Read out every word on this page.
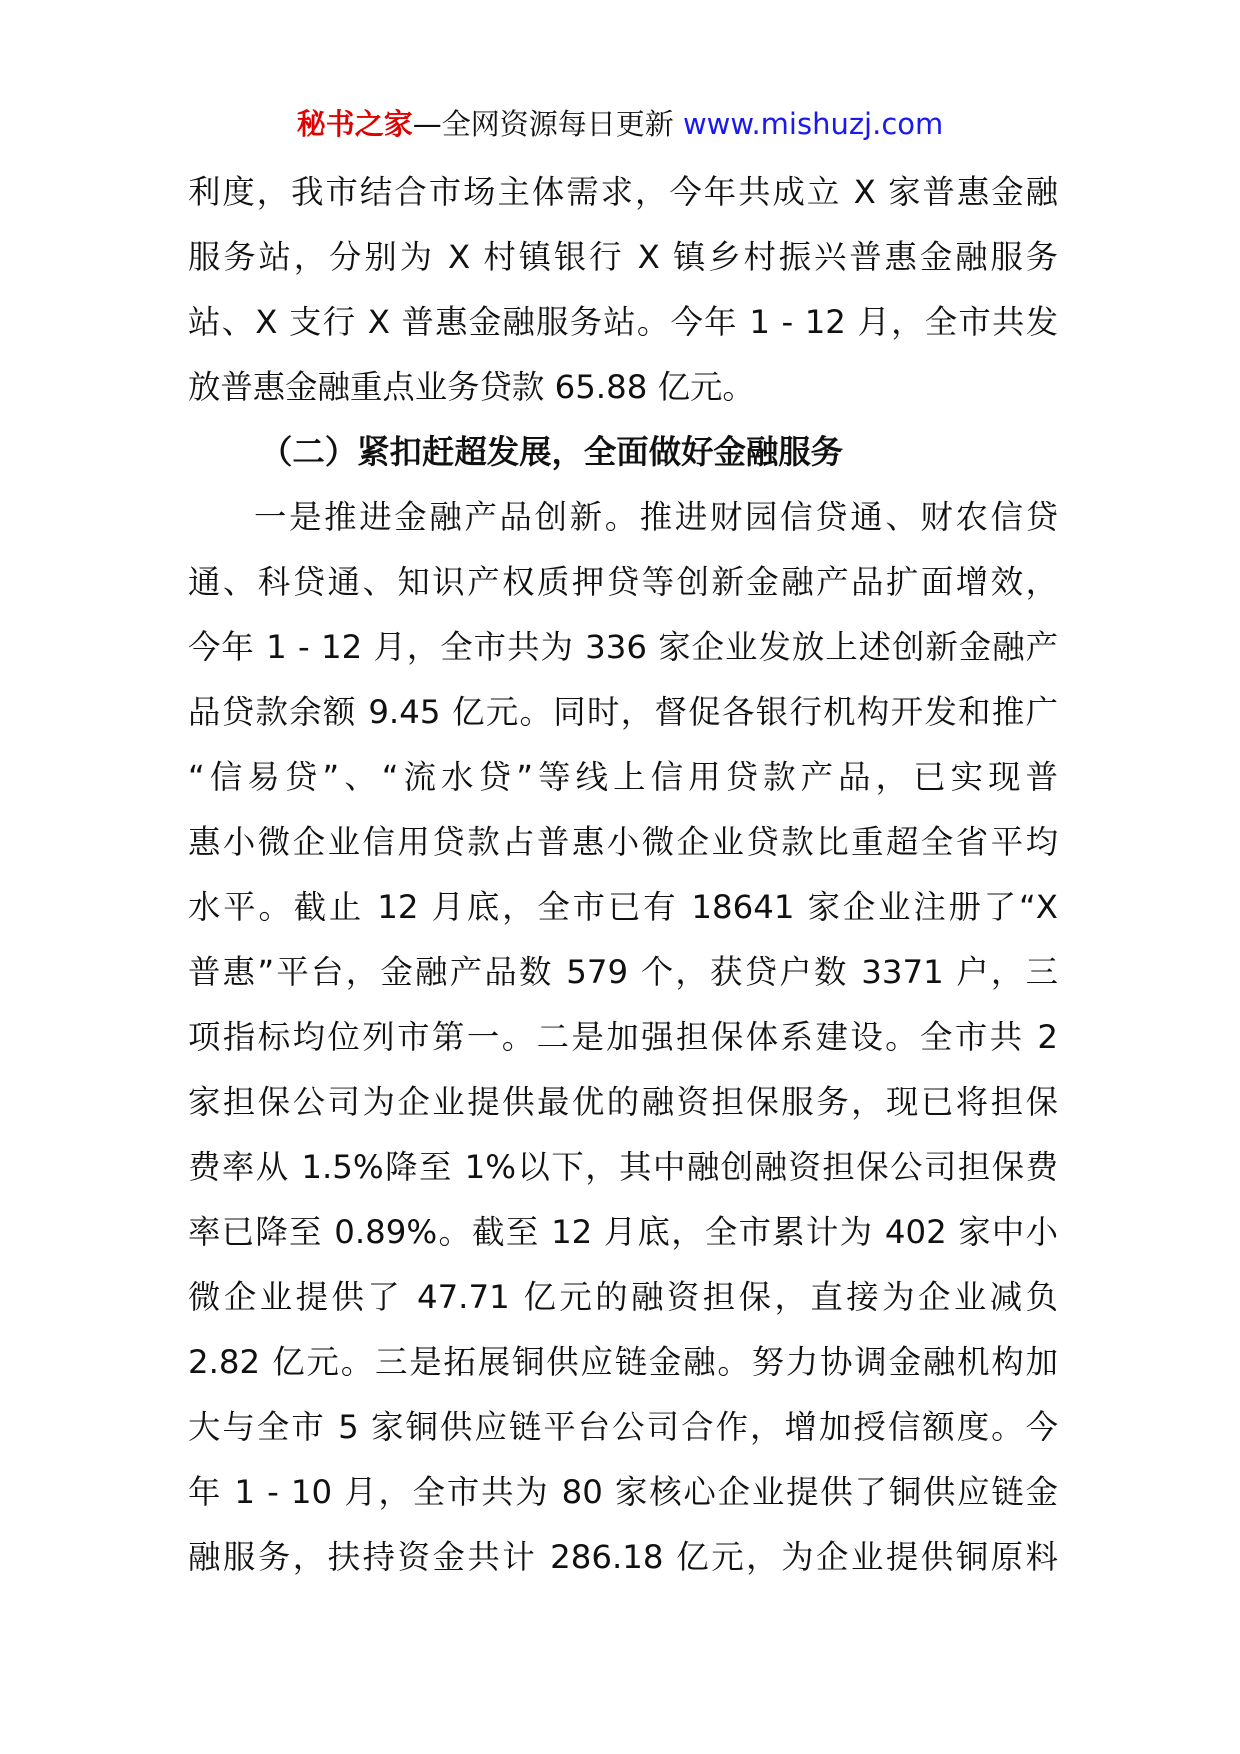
秘书之家—全网资源每日更新 www.mishuzj.com
利度，我市结合市场主体需求，今年共成立 X 家普惠金融
服务站，分别为 X 村镇银行 X 镇乡村振兴普惠金融服务
站、X 支行 X 普惠金融服务站。今年 1 - 12 月，全市共发
放普惠金融重点业务贷款 65.88 亿元。
（二）紧扣赶超发展，全面做好金融服务
一是推进金融产品创新。推进财园信贷通、财农信贷
通、科贷通、知识产权质押贷等创新金融产品扩面增效，
今年 1 - 12 月，全市共为 336 家企业发放上述创新金融产
品贷款余额 9.45 亿元。同时，督促各银行机构开发和推广
“信易贷”、“流水贷”等线上信用贷款产品，已实现普
惠小微企业信用贷款占普惠小微企业贷款比重超全省平均
水平。截止 12 月底，全市已有 18641 家企业注册了“X
普惠”平台，金融产品数 579 个，获贷户数 3371 户，三
项指标均位列市第一。二是加强担保体系建设。全市共 2
家担保公司为企业提供最优的融资担保服务，现已将担保
费率从 1.5%降至 1%以下，其中融创融资担保公司担保费
率已降至 0.89%。截至 12 月底，全市累计为 402 家中小
微企业提供了 47.71 亿元的融资担保，直接为企业减负
2.82 亿元。三是拓展铜供应链金融。努力协调金融机构加
大与全市 5 家铜供应链平台公司合作，增加授信额度。今
年 1 - 10 月，全市共为 80 家核心企业提供了铜供应链金
融服务，扶持资金共计 286.18 亿元，为企业提供铜原料
